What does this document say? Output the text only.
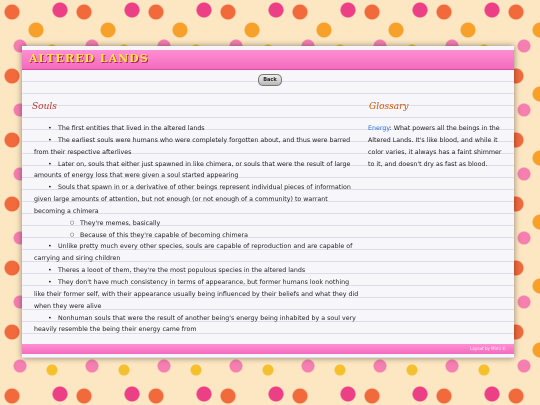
ALTERED LANDS
Back
Souls
• The first entities that lived in the altered lands
• The earliest souls were humans who were completely forgotten about, and thus were barred from their respective afterlives
• Later on, souls that either just spawned in like chimera, or souls that were the result of large amounts of energy loss that were given a soul started appearing
• Souls that spawn in or a derivative of other beings represent individual pieces of information given large amounts of attention, but not enough (or not enough of a community) to warrant becoming a chimera
○ They're memes, basically
○ Because of this they're capable of becoming chimera
• Unlike pretty much every other species, souls are capable of reproduction and are capable of carrying and siring children
• Theres a looot of them, they're the most populous species in the altered lands
• They don't have much consistency in terms of appearance, but former humans look nothing like their former self, with their appearance usually being influenced by their beliefs and what they did when they were alive
• Nonhuman souls that were the result of another being's energy being inhabited by a soul very heavily resemble the being their energy came from
Glossary
Energy: What powers all the beings in the Altered Lands. It's like blood, and while it color varies, it always has a faint shimmer to it, and doesn't dry as fast as blood.
Layout by Mimi ©
